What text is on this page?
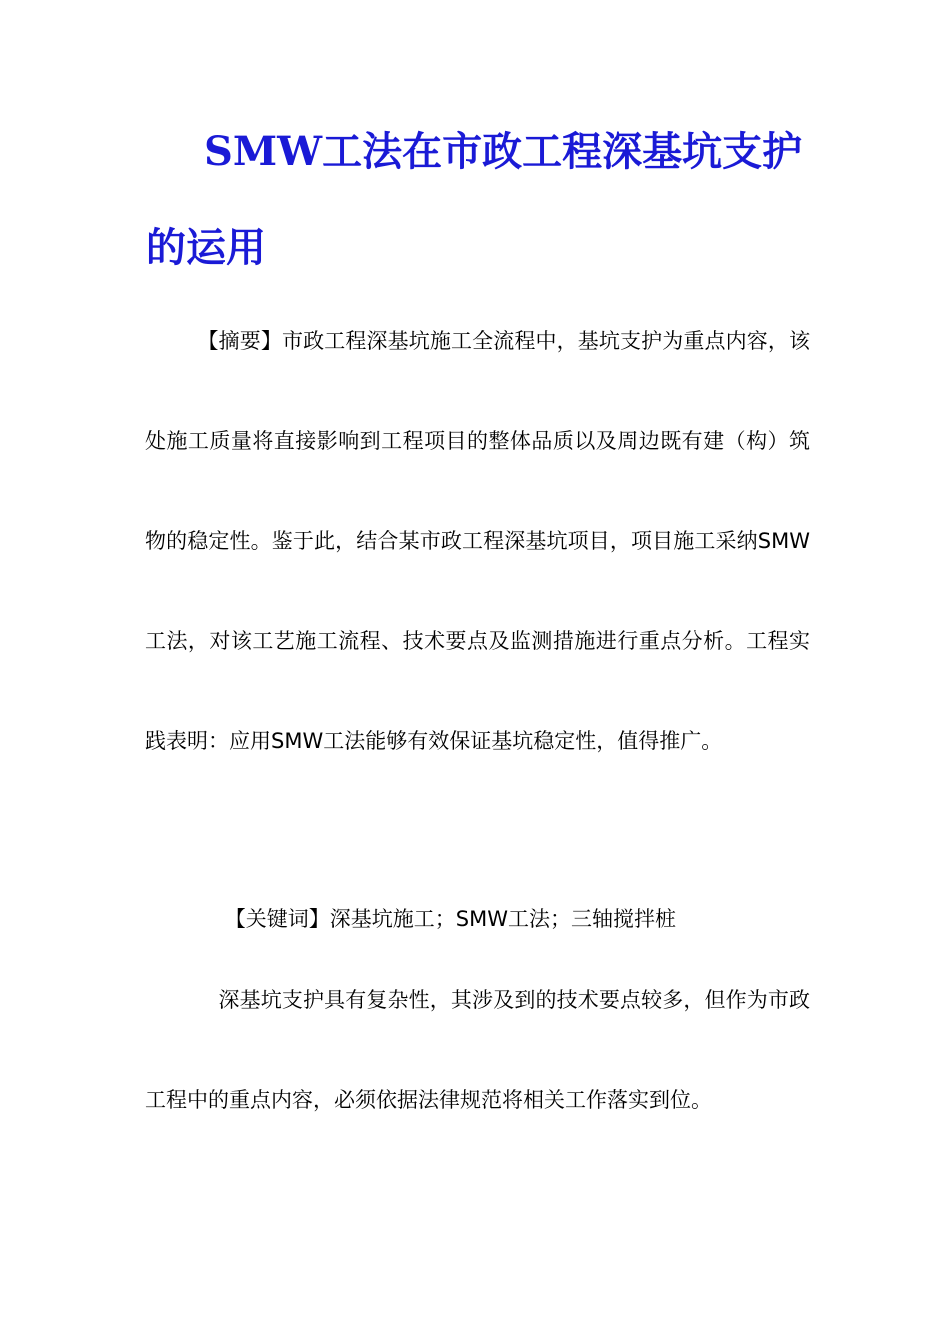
SMW工法在市政工程深基坑支护
的运用
【摘要】市政工程深基坑施工全流程中，基坑支护为重点内容，该处施工质量将直接影响到工程项目的整体品质以及周边既有建（构）筑物的稳定性。鉴于此，结合某市政工程深基坑项目，项目施工采纳SMW工法，对该工艺施工流程、技术要点及监测措施进行重点分析。工程实践表明：应用SMW工法能够有效保证基坑稳定性，值得推广。
【关键词】深基坑施工；SMW工法；三轴搅拌桩
深基坑支护具有复杂性，其涉及到的技术要点较多，但作为市政工程中的重点内容，必须依据法律规范将相关工作落实到位。
